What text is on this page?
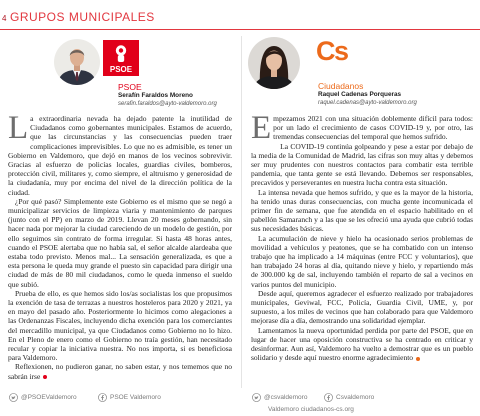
4 GRUPOS MUNICIPALES
PSOE
PSOE
Serafín Faraldos Moreno
serafin.faraldos@ayto-valdemoro.org
Cs
Ciudadanos
Raquel Cadenas Porqueras
raquel.cadenas@ayto-valdemoro.org

La extraordinaria nevada ha dejado patente la inutilidad de Ciudadanos como gobernantes municipales. Estamos de acuerdo, que las circunstancias y las consecuencias pueden traer complicaciones imprevisibles. Lo que no es admisible, es tener un Gobierno en Valdemoro, que dejó en manos de los vecinos sobrevivir. Gracias al esfuerzo de policías locales, guardias civiles, bomberos, protección civil, militares y, como siempre, el altruismo y generosidad de la ciudadanía, muy por encima del nivel de la dirección política de la ciudad.

¿Por qué pasó? Simplemente este Gobierno es el mismo que se negó a municipalizar servicios de limpieza viaria y mantenimiento de parques (junto con el PP) en marzo de 2019. Llevan 20 meses gobernando, sin hacer nada por mejorar la ciudad careciendo de un modelo de gestión, por ello seguimos sin contrato de forma irregular. Si hasta 48 horas antes, cuando el PSOE alertaba que no había sal, el señor alcalde alardeaba que estaba todo previsto. Menos mal... La sensación generalizada, es que a esta persona le queda muy grande el puesto sin capacidad para dirigir una ciudad de más de 80 mil ciudadanos, como le queda inmenso el sueldo que subió.

Prueba de ello, es que hemos sido los/as socialistas los que propusimos la exención de tasa de terrazas a nuestros hosteleros para 2020 y 2021, ya en mayo del pasado año. Posteriormente lo hicimos como alegaciones a las Ordenanzas Fiscales, incluyendo dicha exención para los comerciantes del mercadillo municipal, ya que Ciudadanos como Gobierno no lo hizo. En el Pleno de enero como el Gobierno no traía gestión, han necesitado recular y copiar la iniciativa nuestra. No nos importa, si es beneficiosa para Valdemoro.

Reflexionen, no pudieron ganar, no saben estar, y nos tememos que no sabrán irse

Empezamos 2021 con una situación doblemente difícil para todos: por un lado el crecimiento de casos COVID-19 y, por otro, las tremendas consecuencias del temporal que hemos sufrido.

La COVID-19 continúa golpeando y pese a estar por debajo de la media de la Comunidad de Madrid, las cifras son muy altas y debemos ser muy prudentes con nuestros contactos para combatir esta terrible pandemia, que tanta gente se está llevando. Debemos ser responsables, precavidos y perseverantes en nuestra lucha contra esta situación.

La intensa nevada que hemos sufrido, y que es la mayor de la historia, ha tenido unas duras consecuencias, con mucha gente incomunicada el primer fin de semana, que fue atendida en el espacio habilitado en el pabellón Samaranch y a las que se les ofreció una ayuda que cubrió todas sus necesidades básicas.

La acumulación de nieve y hielo ha ocasionado serios problemas de movilidad a vehículos y peatones, que se ha combatido con un intenso trabajo que ha implicado a 14 máquinas (entre FCC y voluntarios), que han trabajado 24 horas al día, quitando nieve y hielo, y repartiendo más de 300.000 kg de sal, incluyendo también el reparto de sal a vecinos en varios puntos del municipio.

Desde aquí, queremos agradecer el esfuerzo realizado por trabajadores municipales, Geviwal, FCC, Policía, Guardia Civil, UME, y, por supuesto, a los miles de vecinos que han colaborado para que Valdemoro mejorase día a día, demostrando una solidaridad ejemplar.

Lamentamos la nueva oportunidad perdida por parte del PSOE, que en lugar de hacer una oposición constructiva se ha centrado en criticar y desinformar. Aun así, Valdemoro ha vuelto a demostrar que es un pueblo solidario y desde aquí nuestro enorme agradecimiento

@PSOEValdemoro	PSOE Valdemoro	@csvaldemoro	Csvaldemoro
Valdemoro ciudadanos-cs.org
